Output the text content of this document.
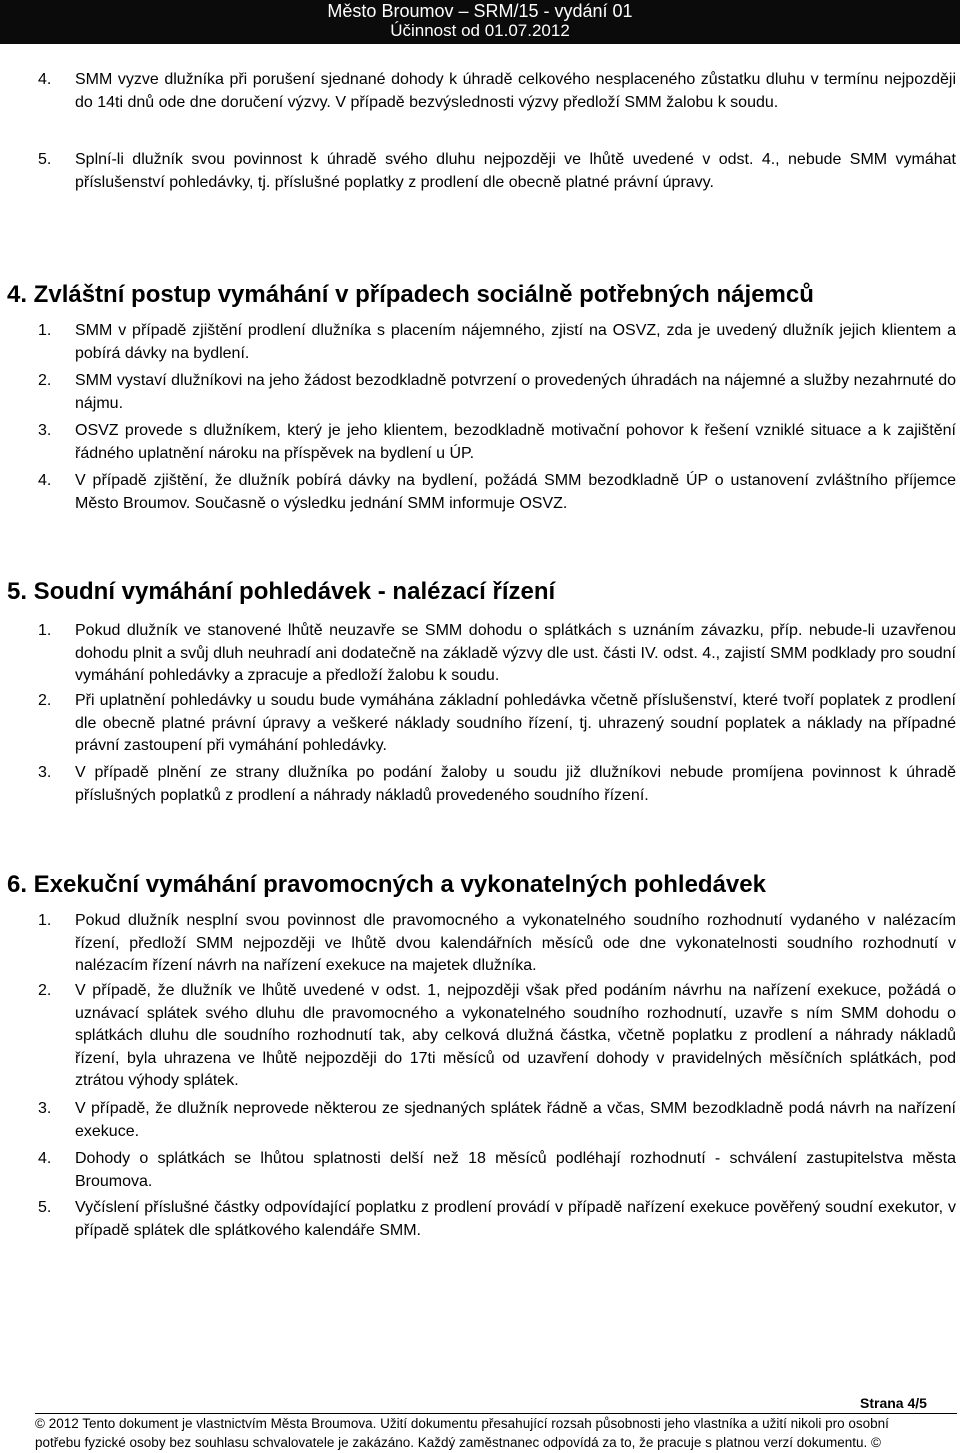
Město Broumov – SRM/15 - vydání 01
Účinnost od 01.07.2012
4. SMM vyzve dlužníka při porušení sjednané dohody k úhradě celkového nesplaceného zůstatku dluhu v termínu nejpozději do 14ti dnů ode dne doručení výzvy. V případě bezvýslednosti výzvy předloží SMM žalobu k soudu.
5. Splní-li dlužník svou povinnost k úhradě svého dluhu nejpozději ve lhůtě uvedené v odst. 4., nebude SMM vymáhat příslušenství pohledávky, tj. příslušné poplatky z prodlení dle obecně platné právní úpravy.
4. Zvláštní postup vymáhání v případech sociálně potřebných nájemců
1. SMM v případě zjištění prodlení dlužníka s placením nájemného, zjistí na OSVZ, zda je uvedený dlužník jejich klientem a pobírá dávky na bydlení.
2. SMM vystaví dlužníkovi na jeho žádost bezodkladně potvrzení o provedených úhradách na nájemné a služby nezahrnuté do nájmu.
3. OSVZ provede s dlužníkem, který je jeho klientem, bezodkladně motivační pohovor k řešení vzniklé situace a k zajištění řádného uplatnění nároku na příspěvek na bydlení u ÚP.
4. V případě zjištění, že dlužník pobírá dávky na bydlení, požádá SMM bezodkladně ÚP o ustanovení zvláštního příjemce Město Broumov. Současně o výsledku jednání SMM informuje OSVZ.
5. Soudní vymáhání pohledávek - nalézací řízení
1. Pokud dlužník ve stanovené lhůtě neuzavře se SMM dohodu o splátkách s uznáním závazku, příp. nebude-li uzavřenou dohodu plnit a svůj dluh neuhradí ani dodatečně na základě výzvy dle ust. části IV. odst. 4., zajistí SMM podklady pro soudní vymáhání pohledávky a zpracuje a předloží žalobu k soudu.
2. Při uplatnění pohledávky u soudu bude vymáhána základní pohledávka včetně příslušenství, které tvoří poplatek z prodlení dle obecně platné právní úpravy a veškeré náklady soudního řízení, tj. uhrazený soudní poplatek a náklady na případné právní zastoupení při vymáhání pohledávky.
3. V případě plnění ze strany dlužníka po podání žaloby u soudu již dlužníkovi nebude promíjena povinnost k úhradě příslušných poplatků z prodlení a náhrady nákladů provedeného soudního řízení.
6. Exekuční vymáhání pravomocných a vykonatelných pohledávek
1. Pokud dlužník nesplní svou povinnost dle pravomocného a vykonatelného soudního rozhodnutí vydaného v nalézacím řízení, předloží SMM nejpozději ve lhůtě dvou kalendářních měsíců ode dne vykonatelnosti soudního rozhodnutí v nalézacím řízení návrh na nařízení exekuce na majetek dlužníka.
2. V případě, že dlužník ve lhůtě uvedené v odst. 1, nejpozději však před podáním návrhu na nařízení exekuce, požádá o uznávací splátek svého dluhu dle pravomocného a vykonatelného soudního rozhodnutí, uzavře s ním SMM dohodu o splátkách dluhu dle soudního rozhodnutí tak, aby celková dlužná částka, včetně poplatku z prodlení a náhrady nákladů řízení, byla uhrazena ve lhůtě nejpozději do 17ti měsíců od uzavření dohody v pravidelných měsíčních splátkách, pod ztrátou výhody splátek.
3. V případě, že dlužník neprovede některou ze sjednaných splátek řádně a včas, SMM bezodkladně podá návrh na nařízení exekuce.
4. Dohody o splátkách se lhůtou splatnosti delší než 18 měsíců podléhají rozhodnutí - schválení zastupitelstva města Broumova.
5. Vyčíslení příslušné částky odpovídající poplatku z prodlení provádí v případě nařízení exekuce pověřený soudní exekutor, v případě splátek dle splátkového kalendáře SMM.
Strana 4/5
© 2012 Tento dokument je vlastnictvím Města Broumova. Užití dokumentu přesahující rozsah působnosti jeho vlastníka a užití nikoli pro osobní
potřebu fyzické osoby bez souhlasu schvalovatele je zakázáno. Každý zaměstnanec odpovídá za to, že pracuje s platnou verzí dokumentu. ©
